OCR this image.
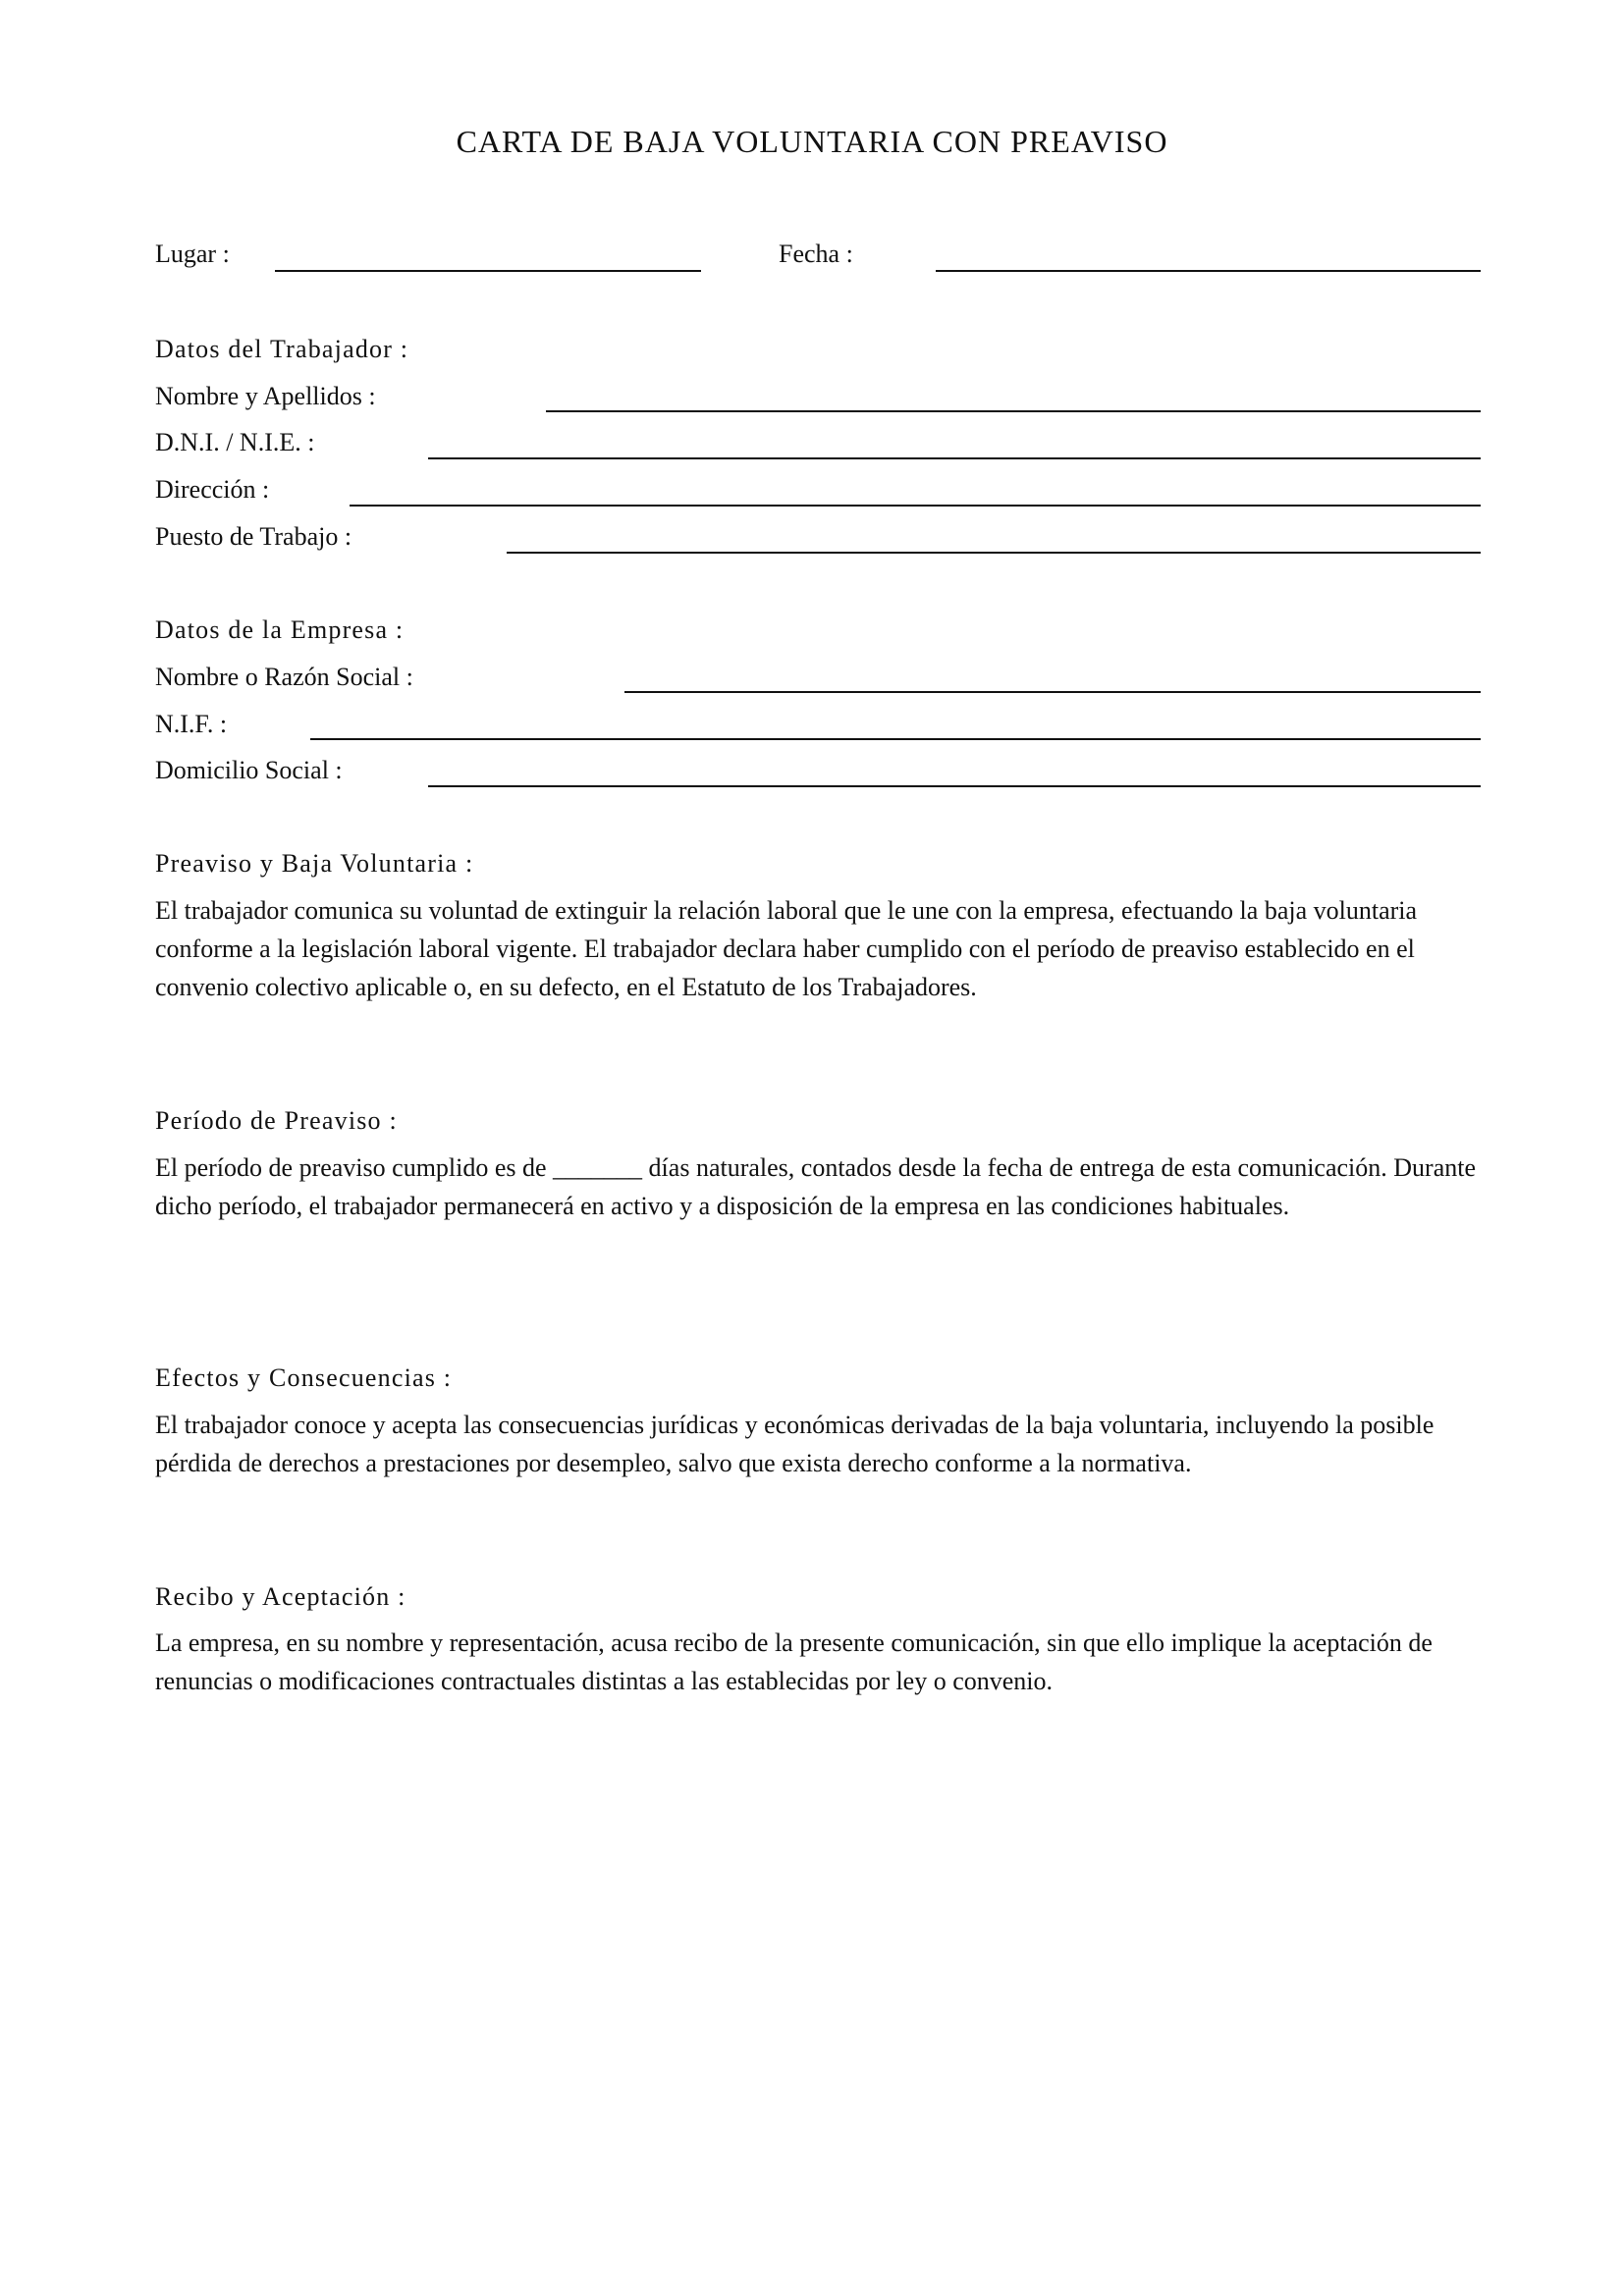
CARTA DE BAJA VOLUNTARIA CON PREAVISO
Lugar :	Fecha :
Datos del Trabajador :
Nombre y Apellidos :
D.N.I. / N.I.E. :
Dirección :
Puesto de Trabajo :
Datos de la Empresa :
Nombre o Razón Social :
N.I.F. :
Domicilio Social :
Preaviso y Baja Voluntaria :

El trabajador comunica su voluntad de extinguir la relación laboral que le une con la empresa, efectuando la baja voluntaria conforme a la legislación laboral vigente. El trabajador declara haber cumplido con el período de preaviso establecido en el convenio colectivo aplicable o, en su defecto, en el Estatuto de los Trabajadores.

Período de Preaviso :

El período de preaviso cumplido es de _______ días naturales, contados desde la fecha de entrega de esta comunicación. Durante dicho período, el trabajador permanecerá en activo y a disposición de la empresa en las condiciones habituales.

Efectos y Consecuencias :

El trabajador conoce y acepta las consecuencias jurídicas y económicas derivadas de la baja voluntaria, incluyendo la posible pérdida de derechos a prestaciones por desempleo, salvo que exista derecho conforme a la normativa.

Recibo y Aceptación :

La empresa, en su nombre y representación, acusa recibo de la presente comunicación, sin que ello implique la aceptación de renuncias o modificaciones contractuales distintas a las establecidas por ley o convenio.
